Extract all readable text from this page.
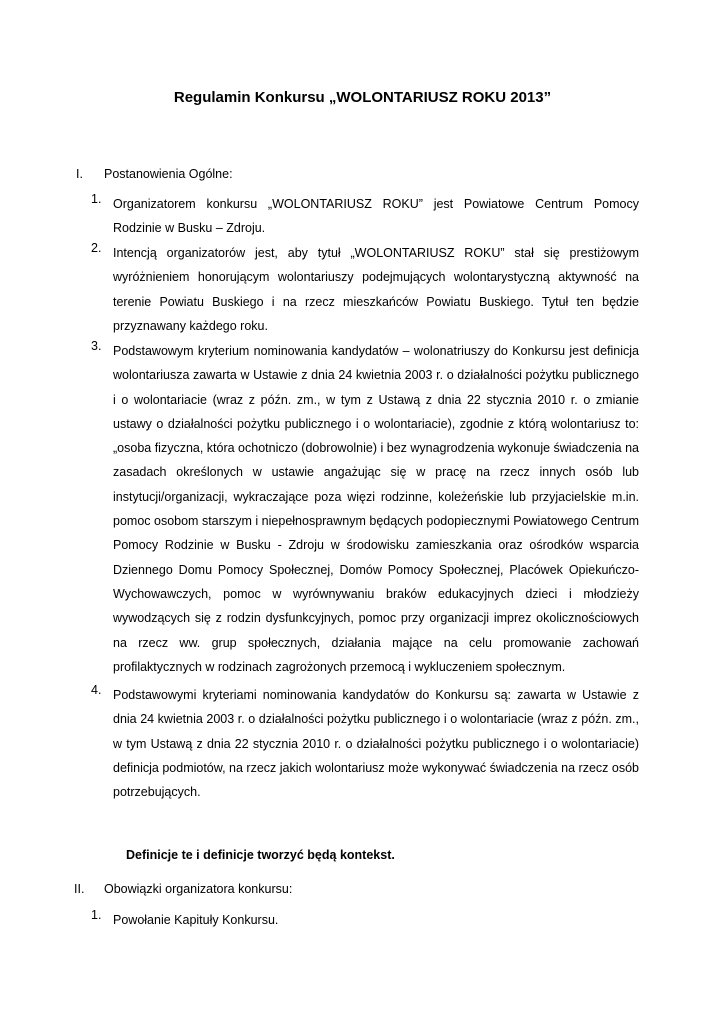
Regulamin Konkursu „WOLONTARIUSZ ROKU 2013”
I. Postanowienia Ogólne:
1. Organizatorem konkursu „WOLONTARIUSZ ROKU” jest Powiatowe Centrum Pomocy Rodzinie w Busku – Zdroju.
2. Intencją organizatorów jest, aby tytuł „WOLONTARIUSZ ROKU” stał się prestiżowym wyróżnieniem honorującym wolontariuszy podejmujących wolontarystyczną aktywność na terenie Powiatu Buskiego i na rzecz mieszkańców Powiatu Buskiego. Tytuł ten będzie przyznawany każdego roku.
3. Podstawowym kryterium nominowania kandydatów – wolonatriuszy do Konkursu jest definicja wolontariusza zawarta w Ustawie z dnia 24 kwietnia 2003 r. o działalności pożytku publicznego i o wolontariacie (wraz z późn. zm., w tym z Ustawą z dnia 22 stycznia 2010 r. o zmianie ustawy o działalności pożytku publicznego i o wolontariacie), zgodnie z którą wolontariusz to: „osoba fizyczna, która ochotniczo (dobrowolnie) i bez wynagrodzenia wykonuje świadczenia na zasadach określonych w ustawie angażując się w pracę na rzecz innych osób lub instytucji/organizacji, wykraczające poza więzi rodzinne, koleżeńskie lub przyjacielskie m.in. pomoc osobom starszym i niepełnosprawnym będących podopiecznymi Powiatowego Centrum Pomocy Rodzinie w Busku - Zdroju w środowisku zamieszkania oraz ośrodków wsparcia Dziennego Domu Pomocy Społecznej, Domów Pomocy Społecznej, Placówek Opiekuńczo-Wychowawczych, pomoc w wyrównywaniu braków edukacyjnych dzieci i młodzieży wywodzących się z rodzin dysfunkcyjnych, pomoc przy organizacji imprez okolicznościowych na rzecz ww. grup społecznych, działania mające na celu promowanie zachowań profilaktycznych w rodzinach zagrożonych przemocą i wykluczeniem społecznym.
4. Podstawowymi kryteriami nominowania kandydatów do Konkursu są: zawarta w Ustawie z dnia 24 kwietnia 2003 r. o działalności pożytku publicznego i o wolontariacie (wraz z późn. zm., w tym Ustawą z dnia 22 stycznia 2010 r. o działalności pożytku publicznego i o wolontariacie) definicja podmiotów, na rzecz jakich wolontariusz może wykonywać świadczenia na rzecz osób potrzebujących.
Definicje te i definicje tworzyć będą kontekst.
II. Obowiązki organizatora konkursu:
1. Powołanie Kapituły Konkursu.
